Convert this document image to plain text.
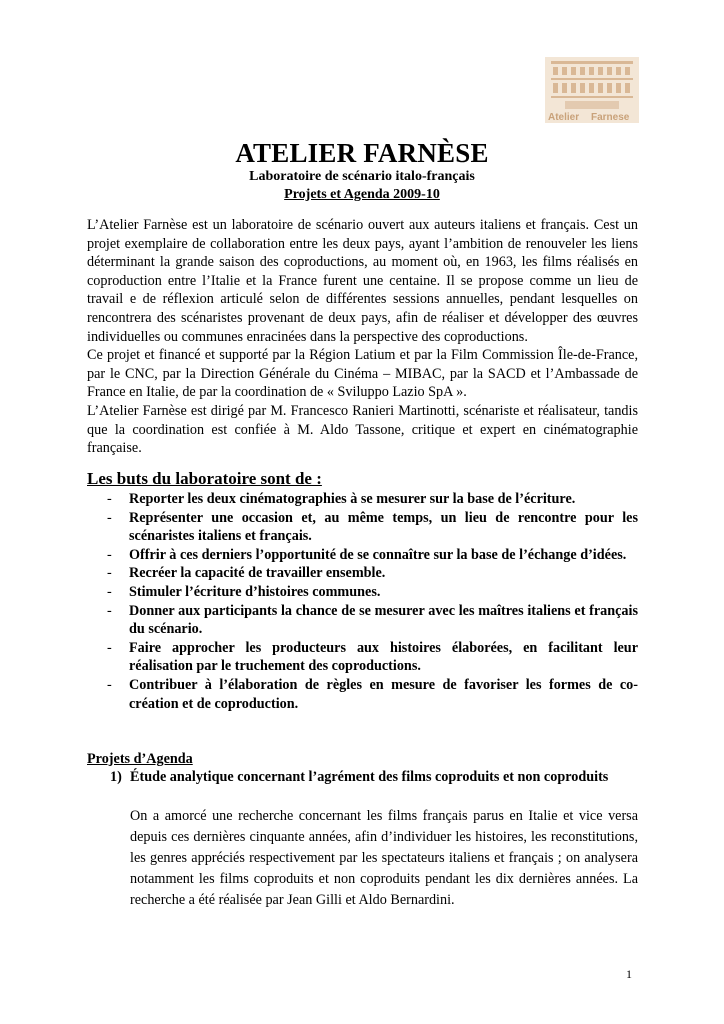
Atelier Farnese
ATELIER FARNÈSE
Laboratoire de scénario italo-français
Projets et Agenda 2009-10

L’Atelier Farnèse est un laboratoire de scénario ouvert aux auteurs italiens et français. Cest un projet exemplaire de collaboration entre les deux pays, ayant l’ambition de renouveler les liens déterminant la grande saison des coproductions, au moment où, en 1963, les films réalisés en coproduction entre l’Italie et la France furent une centaine. Il se propose comme un lieu de travail e de réflexion articulé selon de différentes sessions annuelles, pendant lesquelles on rencontrera des scénaristes provenant de deux pays, afin de réaliser et développer des œuvres individuelles ou communes enracinées dans la perspective des coproductions.

Ce projet et financé et supporté par la Région Latium et par la Film Commission Île-de-France, par le CNC, par la Direction Générale du Cinéma – MIBAC, par la SACD et l’Ambassade de France en Italie, de par la coordination de « Sviluppo Lazio SpA ».

L’Atelier Farnèse est dirigé par M. Francesco Ranieri Martinotti, scénariste et réalisateur, tandis que la coordination est confiée à M. Aldo Tassone, critique et expert en cinématographie française.

Les buts du laboratoire sont de :
- Reporter les deux cinématographies à se mesurer sur la base de l’écriture.
- Représenter une occasion et, au même temps, un lieu de rencontre pour les scénaristes italiens et français.
- Offrir à ces derniers l’opportunité de se connaître sur la base de l’échange d’idées.
- Recréer la capacité de travailler ensemble.
- Stimuler l’écriture d’histoires communes.
- Donner aux participants la chance de se mesurer avec les maîtres italiens et français du scénario.
- Faire approcher les producteurs aux histoires élaborées, en facilitant leur réalisation par le truchement des coproductions.
- Contribuer à l’élaboration de règles en mesure de favoriser les formes de co-création et de coproduction.
Projets d’Agenda
1) Étude analytique concernant l’agrément des films coproduits et non coproduits

On a amorcé une recherche concernant les films français parus en Italie et vice versa depuis ces dernières cinquante années, afin d’individuer les histoires, les reconstitutions, les genres appréciés respectivement par les spectateurs italiens et français ; on analysera notamment les films coproduits et non coproduits pendant les dix dernières années. La recherche a été réalisée par Jean Gilli et Aldo Bernardini.

1
